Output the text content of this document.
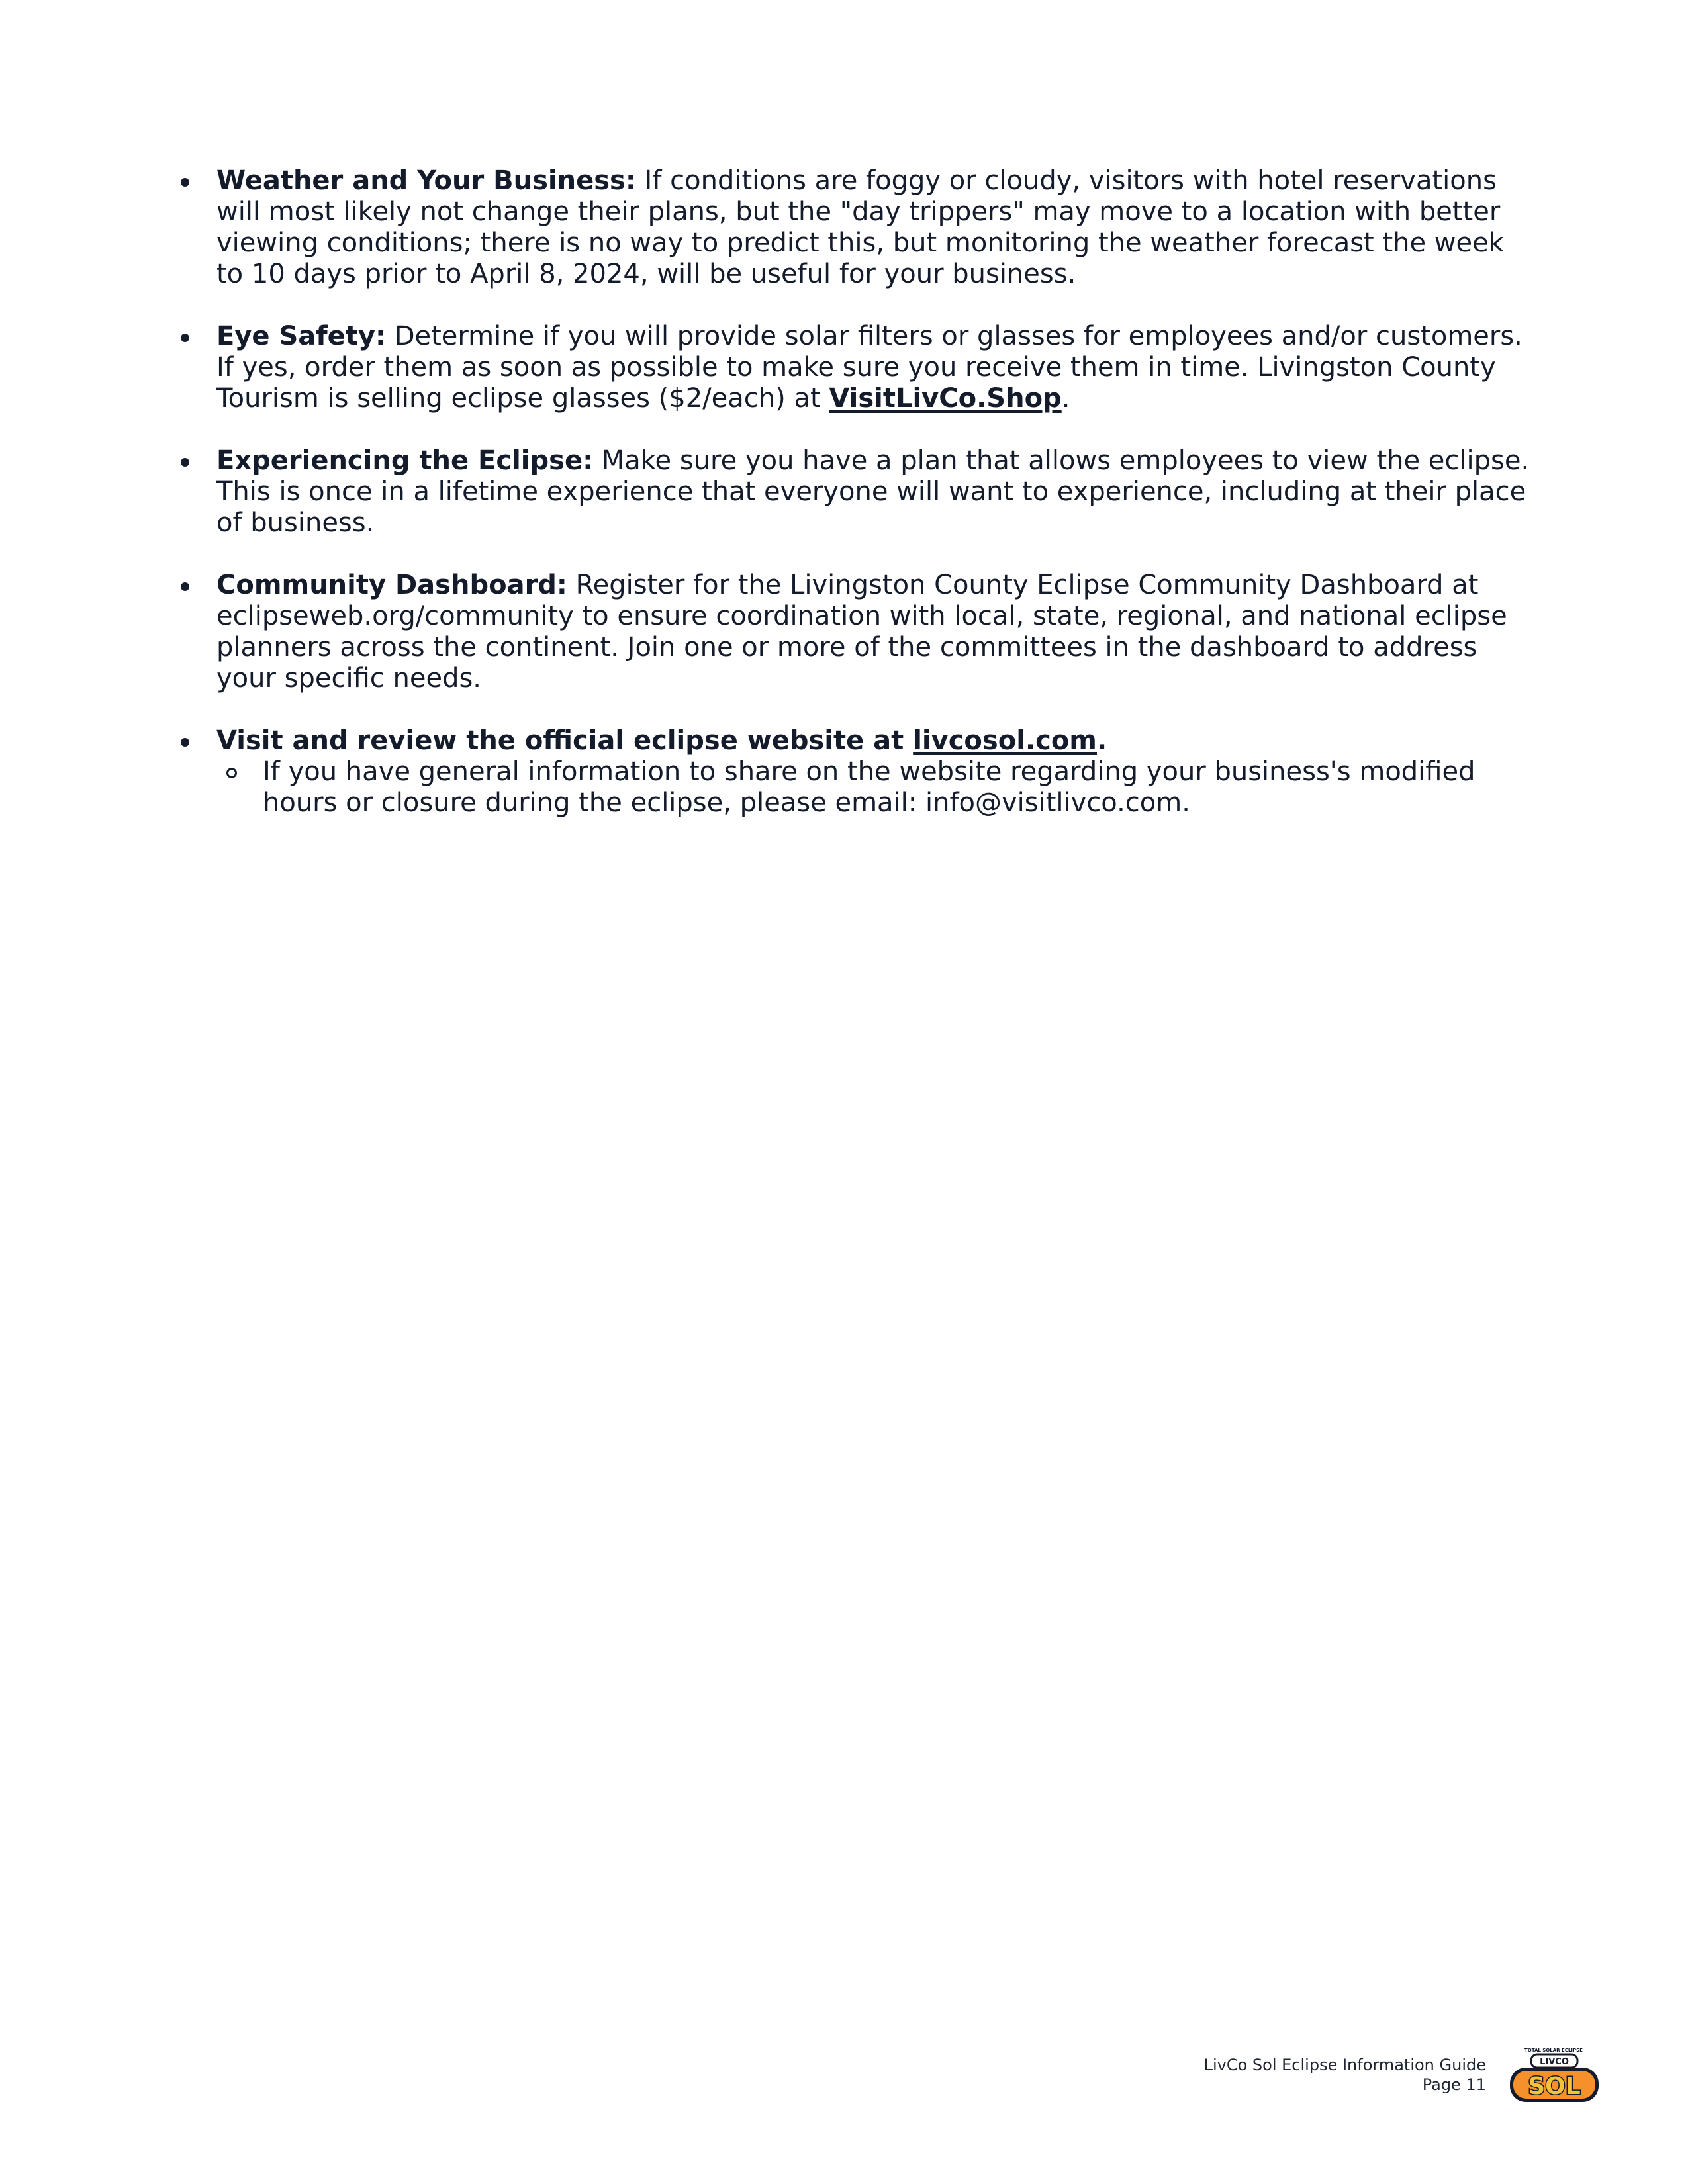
Weather and Your Business: If conditions are foggy or cloudy, visitors with hotel reservations will most likely not change their plans, but the "day trippers" may move to a location with better viewing conditions; there is no way to predict this, but monitoring the weather forecast the week to 10 days prior to April 8, 2024, will be useful for your business.
Eye Safety: Determine if you will provide solar filters or glasses for employees and/or customers. If yes, order them as soon as possible to make sure you receive them in time. Livingston County Tourism is selling eclipse glasses ($2/each) at VisitLivCo.Shop.
Experiencing the Eclipse: Make sure you have a plan that allows employees to view the eclipse. This is once in a lifetime experience that everyone will want to experience, including at their place of business.
Community Dashboard: Register for the Livingston County Eclipse Community Dashboard at eclipseweb.org/community to ensure coordination with local, state, regional, and national eclipse planners across the continent. Join one or more of the committees in the dashboard to address your specific needs.
Visit and review the official eclipse website at livcosol.com.
If you have general information to share on the website regarding your business's modified hours or closure during the eclipse, please email: info@visitlivco.com.
LivCo Sol Eclipse Information Guide
Page 11
TOTAL SOLAR ECLIPSE
LIVCO
SOL
